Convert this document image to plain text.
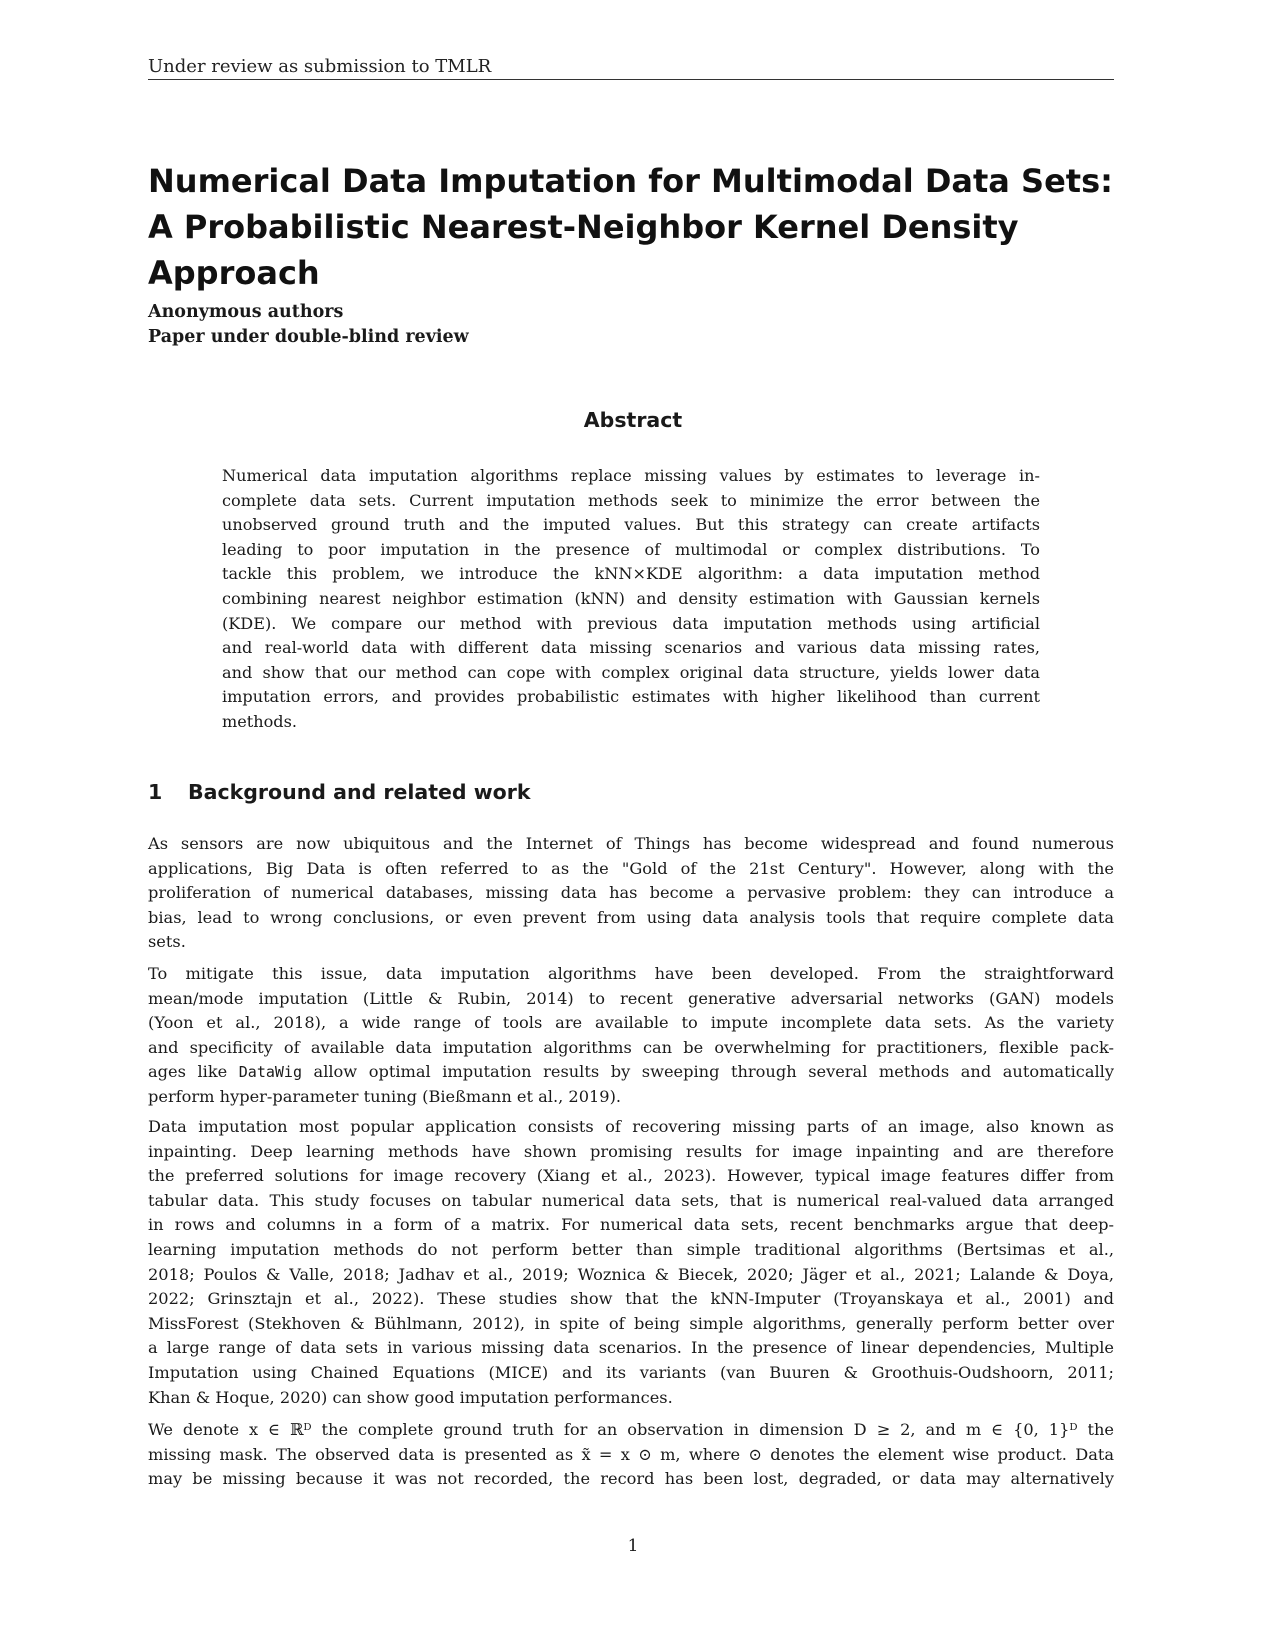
Under review as submission to TMLR
Numerical Data Imputation for Multimodal Data Sets:
A Probabilistic Nearest-Neighbor Kernel Density Approach
Anonymous authors
Paper under double-blind review
Abstract
Numerical data imputation algorithms replace missing values by estimates to leverage in-
complete data sets. Current imputation methods seek to minimize the error between the
unobserved ground truth and the imputed values. But this strategy can create artifacts
leading to poor imputation in the presence of multimodal or complex distributions. To
tackle this problem, we introduce the kNN×KDE algorithm: a data imputation method
combining nearest neighbor estimation (kNN) and density estimation with Gaussian kernels
(KDE). We compare our method with previous data imputation methods using artificial
and real-world data with different data missing scenarios and various data missing rates,
and show that our method can cope with complex original data structure, yields lower data
imputation errors, and provides probabilistic estimates with higher likelihood than current
methods.
1 Background and related work
As sensors are now ubiquitous and the Internet of Things has become widespread and found numerous
applications, Big Data is often referred to as the "Gold of the 21st Century". However, along with the
proliferation of numerical databases, missing data has become a pervasive problem: they can introduce a
bias, lead to wrong conclusions, or even prevent from using data analysis tools that require complete data
sets.
To mitigate this issue, data imputation algorithms have been developed. From the straightforward
mean/mode imputation (Little & Rubin, 2014) to recent generative adversarial networks (GAN) models
(Yoon et al., 2018), a wide range of tools are available to impute incomplete data sets. As the variety
and specificity of available data imputation algorithms can be overwhelming for practitioners, flexible pack-
ages like DataWig allow optimal imputation results by sweeping through several methods and automatically
perform hyper-parameter tuning (Bießmann et al., 2019).
Data imputation most popular application consists of recovering missing parts of an image, also known as
inpainting. Deep learning methods have shown promising results for image inpainting and are therefore
the preferred solutions for image recovery (Xiang et al., 2023). However, typical image features differ from
tabular data. This study focuses on tabular numerical data sets, that is numerical real-valued data arranged
in rows and columns in a form of a matrix. For numerical data sets, recent benchmarks argue that deep-
learning imputation methods do not perform better than simple traditional algorithms (Bertsimas et al.,
2018; Poulos & Valle, 2018; Jadhav et al., 2019; Woznica & Biecek, 2020; Jäger et al., 2021; Lalande & Doya,
2022; Grinsztajn et al., 2022). These studies show that the kNN-Imputer (Troyanskaya et al., 2001) and
MissForest (Stekhoven & Bühlmann, 2012), in spite of being simple algorithms, generally perform better over
a large range of data sets in various missing data scenarios. In the presence of linear dependencies, Multiple
Imputation using Chained Equations (MICE) and its variants (van Buuren & Groothuis-Oudshoorn, 2011;
Khan & Hoque, 2020) can show good imputation performances.
We denote x ∈ ℝᴰ the complete ground truth for an observation in dimension D ≥ 2, and m ∈ {0, 1}ᴰ the
missing mask. The observed data is presented as x̃ = x ⊙ m, where ⊙ denotes the element wise product. Data
may be missing because it was not recorded, the record has been lost, degraded, or data may alternatively
1
